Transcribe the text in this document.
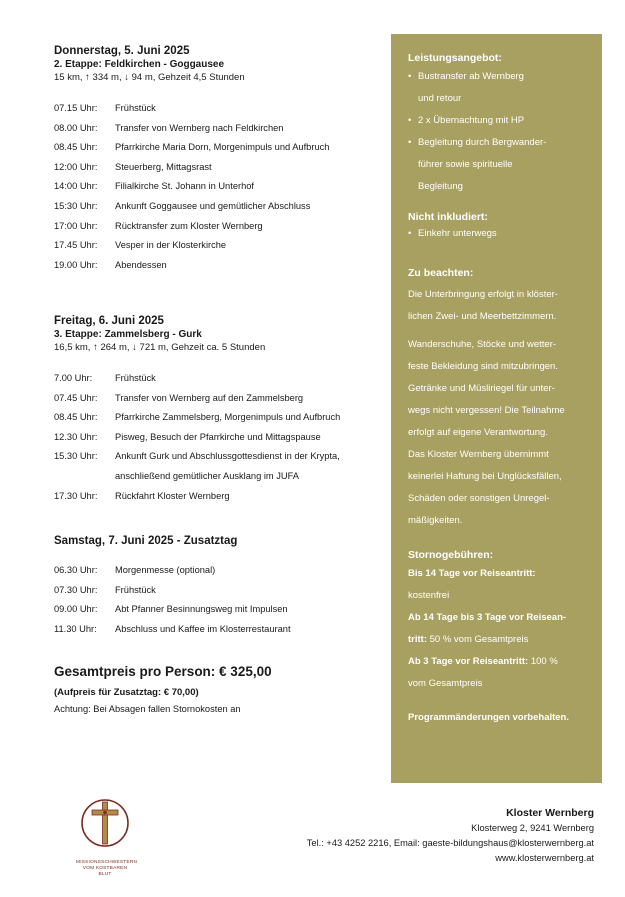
Donnerstag, 5. Juni 2025
2. Etappe: Feldkirchen - Goggausee
15 km, ↑ 334 m, ↓ 94 m, Gehzeit 4,5 Stunden
07.15 Uhr:	Frühstück
08.00 Uhr:	Transfer von Wernberg nach Feldkirchen
08.45 Uhr:	Pfarrkirche Maria Dorn, Morgenimpuls und Aufbruch
12:00 Uhr:	Steuerberg, Mittagsrast
14:00 Uhr:	Filialkirche St. Johann in Unterhof
15:30 Uhr:	Ankunft Goggausee und gemütlicher Abschluss
17:00 Uhr:	Rücktransfer zum Kloster Wernberg
17.45 Uhr:	Vesper in der Klosterkirche
19.00 Uhr:	Abendessen
Freitag, 6. Juni 2025
3. Etappe: Zammelsberg - Gurk
16,5 km, ↑ 264 m, ↓ 721 m, Gehzeit ca. 5 Stunden
7.00 Uhr:	Frühstück
07.45 Uhr:	Transfer von Wernberg auf den Zammelsberg
08.45 Uhr:	Pfarrkirche Zammelsberg, Morgenimpuls und Aufbruch
12.30 Uhr:	Pisweg, Besuch der Pfarrkirche und Mittagspause
15.30 Uhr:	Ankunft Gurk und Abschlussgottesdienst in der Krypta,
anschließend gemütlicher Ausklang im JUFA
17.30 Uhr:	Rückfahrt Kloster Wernberg
Samstag, 7. Juni 2025 - Zusatztag
06.30 Uhr:	Morgenmesse (optional)
07.30 Uhr:	Frühstück
09.00 Uhr:	Abt Pfanner Besinnungsweg mit Impulsen
11.30 Uhr:	Abschluss und Kaffee im Klosterrestaurant
Gesamtpreis pro Person: € 325,00
(Aufpreis für Zusatztag: € 70,00)
Achtung: Bei Absagen fallen Stornokosten an
Leistungsangebot:
• Bustransfer ab Wernberg
und retour
• 2 x Übernachtung mit HP
• Begleitung durch Bergwander-
führer sowie spirituelle
Begleitung
Nicht inkludiert:
• Einkehr unterwegs
Zu beachten:

Die Unterbringung erfolgt in klöster-

lichen Zwei- und Meerbettzimmern.

Wanderschuhe, Stöcke und wetter-

feste Bekleidung sind mitzubringen.

Getränke und Müsliriegel für unter-

wegs nicht vergessen! Die Teilnahme

erfolgt auf eigene Verantwortung.

Das Kloster Wernberg übernimmt

keinerlei Haftung bei Unglücksfällen,

Schäden oder sonstigen Unregel-

mäßigkeiten.

Stornogebühren:

Bis 14 Tage vor Reiseantritt:

kostenfrei

Ab 14 Tage bis 3 Tage vor Reisean-

tritt: 50 % vom Gesamtpreis

Ab 3 Tage vor Reiseantritt: 100 %

vom Gesamtpreis

Programmänderungen vorbehalten.

MISSIONSSCHWESTERN
VOM KOSTBAREN BLUT
Kloster Wernberg
Klosterweg 2, 9241 Wernberg
Tel.: +43 4252 2216, Email: gaeste-bildungshaus@klosterwernberg.at
www.klosterwernberg.at
